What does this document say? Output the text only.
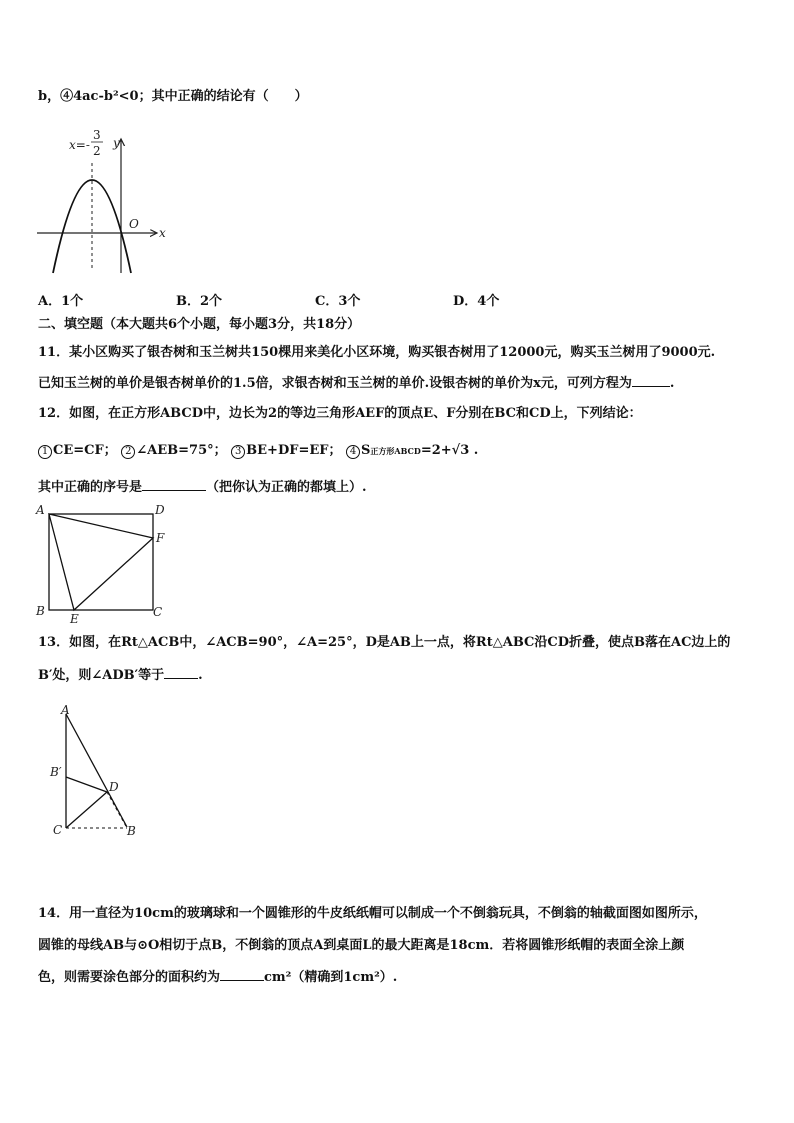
b，④4ac-b²<0；其中正确的结论有（　　）
x
y
O
x=-
3
2
A．1个	B．2个	C．3个	D．4个
二、填空题（本大题共6个小题，每小题3分，共18分）
11．某小区购买了银杏树和玉兰树共150棵用来美化小区环境，购买银杏树用了12000元，购买玉兰树用了9000元.
已知玉兰树的单价是银杏树单价的1.5倍，求银杏树和玉兰树的单价.设银杏树的单价为x元，可列方程为	.
12．如图，在正方形ABCD中，边长为2的等边三角形AEF的顶点E、F分别在BC和CD上，下列结论：
1 CE=CF； 2 ∠AEB=75°； 3 BE+DF=EF； 4 S正方形ABCD=2+√3 .
其中正确的序号是	（把你认为正确的都填上）.
A	D
F
B
E	C
13．如图，在Rt△ACB中，∠ACB=90°，∠A=25°，D是AB上一点，将Rt△ABC沿CD折叠，使点B落在AC边上的
B′处，则∠ADB′等于	.
A
B′
D
C	B
14．用一直径为10cm的玻璃球和一个圆锥形的牛皮纸纸帽可以制成一个不倒翁玩具，不倒翁的轴截面图如图所示，
圆锥的母线AB与⊙O相切于点B，不倒翁的顶点A到桌面L的最大距离是18cm．若将圆锥形纸帽的表面全涂上颜
色，则需要涂色部分的面积约为	cm²（精确到1cm²）.
